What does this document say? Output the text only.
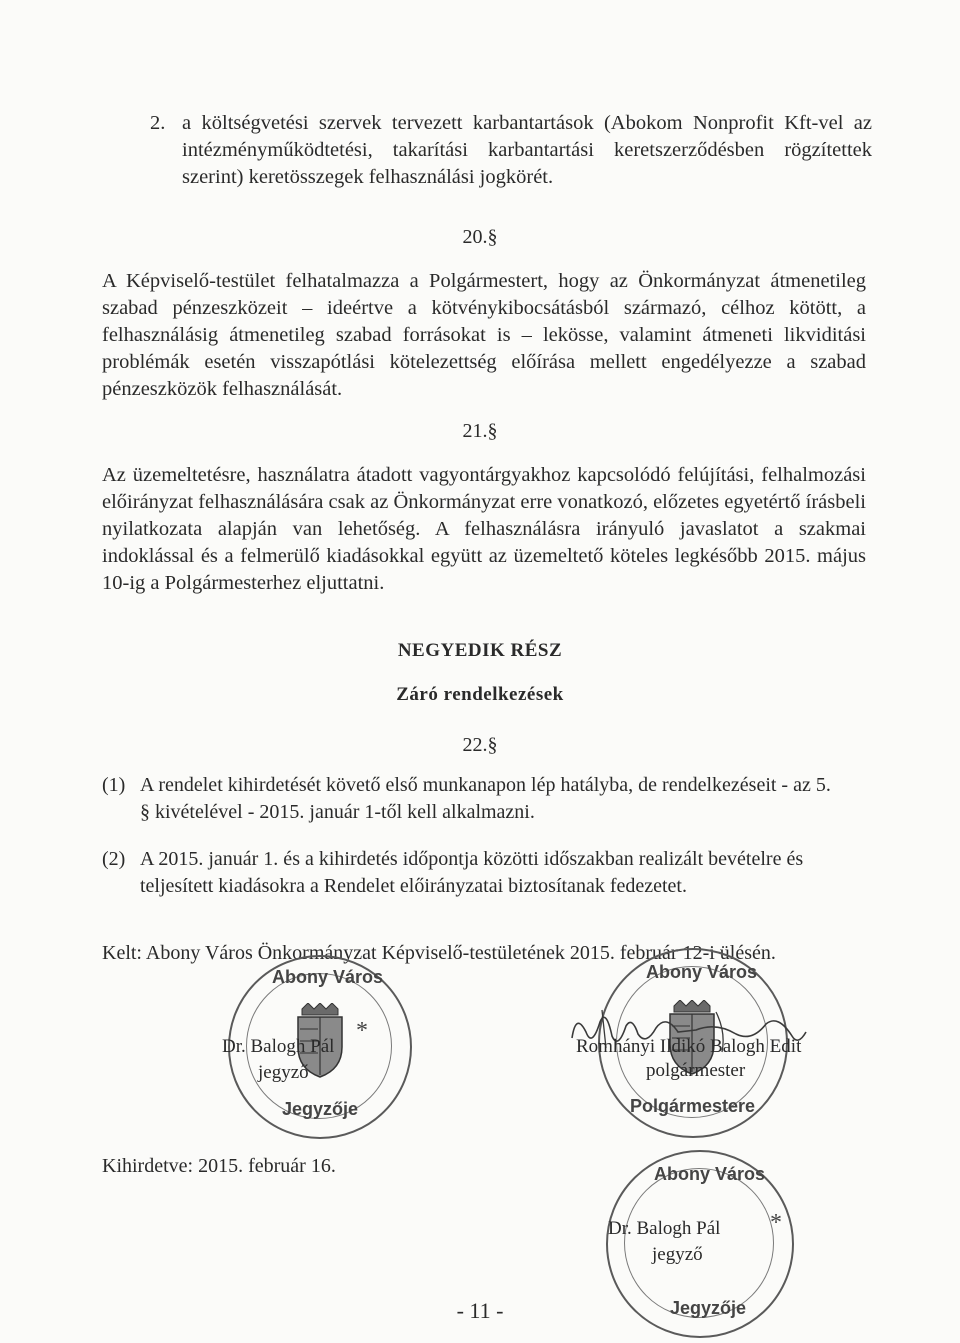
2. a költségvetési szervek tervezett karbantartások (Abokom Nonprofit Kft-vel az intézményműködtetési, takarítási karbantartási keretszerződésben rögzítettek szerint) keretösszegek felhasználási jogkörét.
20.§
A Képviselő-testület felhatalmazza a Polgármestert, hogy az Önkormányzat átmenetileg szabad pénzeszközeit – ideértve a kötvénykibocsátásból származó, célhoz kötött, a felhasználásig átmenetileg szabad forrásokat is – lekösse, valamint átmeneti likviditási problémák esetén visszapótlási kötelezettség előírása mellett engedélyezze a szabad pénzeszközök felhasználását.
21.§
Az üzemeltetésre, használatra átadott vagyontárgyakhoz kapcsolódó felújítási, felhalmozási előirányzat felhasználására csak az Önkormányzat erre vonatkozó, előzetes egyetértő írásbeli nyilatkozata alapján van lehetőség. A felhasználásra irányuló javaslatot a szakmai indoklással és a felmerülő kiadásokkal együtt az üzemeltető köteles legkésőbb 2015. május 10-ig a Polgármesterhez eljuttatni.
NEGYEDIK RÉSZ
Záró rendelkezések
22.§
(1) A rendelet kihirdetését követő első munkanapon lép hatályba, de rendelkezéseit - az 5. § kivételével - 2015. január 1-től kell alkalmazni.
(2) A 2015. január 1. és a kihirdetés időpontja közötti időszakban realizált bevételre és teljesített kiadásokra a Rendelet előirányzatai biztosítanak fedezetet.
Kelt: Abony Város Önkormányzat Képviselő-testületének 2015. február 12-i ülésén.
Abony Város
Jegyzője
Dr. Balogh Pál
jegyző
*
Abony Város
Polgármestere
Romhányi Ildikó Balogh Edit
polgármester
Kihirdetve: 2015. február 16.	Abony Város
Jegyzője
Dr. Balogh Pál
jegyző
*
- 11 -
